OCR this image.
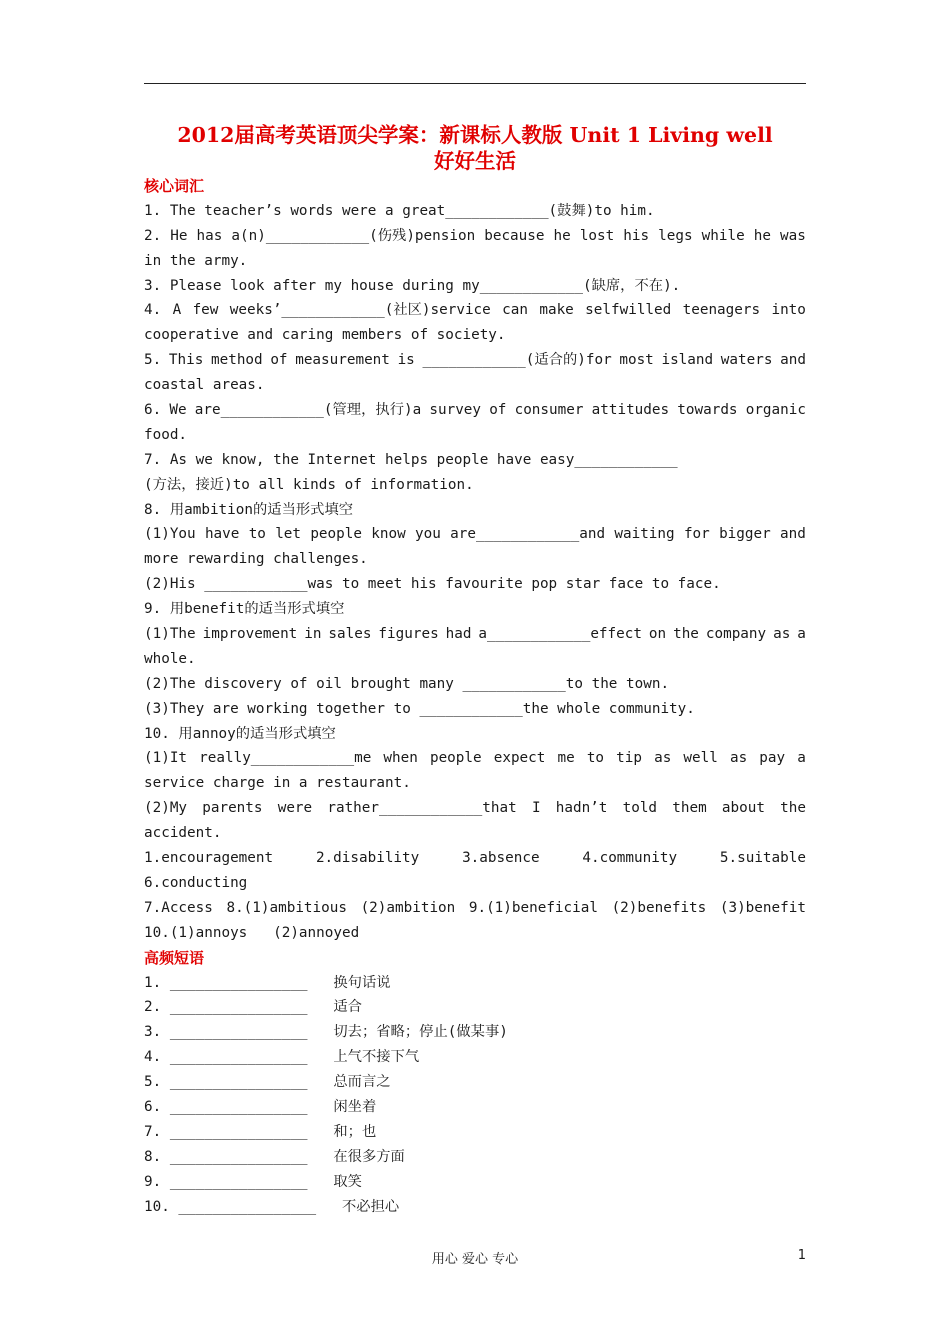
2012届高考英语顶尖学案：新课标人教版 Unit 1 Living well
好好生活
核心词汇
1. The teacher’s words were a great____________(鼓舞)to him.
2. He has a(n)____________(伤残)pension because he lost his legs while he was
in the army.
3. Please look after my house during my____________(缺席，不在).
4. A few weeks’____________(社区)service can make selfwilled teenagers into
cooperative and caring members of society.
5. This method of measurement is ____________(适合的)for most island waters and
coastal areas.
6. We are____________(管理，执行)a survey of consumer attitudes towards organic
food.
7. As we know, the Internet helps people have easy____________
(方法，接近)to all kinds of information.
8. 用ambition的适当形式填空
(1)You have to let people know you are____________and waiting for bigger and
more rewarding challenges.
(2)His ____________was to meet his favourite pop star face to face.
9. 用benefit的适当形式填空
(1)The improvement in sales figures had a____________effect on the company as a
whole.
(2)The discovery of oil brought many ____________to the town.
(3)They are working together to ____________the whole community.
10. 用annoy的适当形式填空
(1)It really____________me when people expect me to tip as well as pay a
service charge in a restaurant.
(2)My parents were rather____________that I hadn’t told them about the
accident.
1.encouragement	2.disability	3.absence	4.community	5.suitable
6.conducting
7.Access 8.(1)ambitious (2)ambition 9.(1)beneficial (2)benefits (3)benefit
10.(1)annoys   (2)annoyed
高频短语
1. ________________   换句话说
2. ________________   适合
3. ________________   切去；省略；停止(做某事)
4. ________________   上气不接下气
5. ________________   总而言之
6. ________________   闲坐着
7. ________________   和；也
8. ________________   在很多方面
9. ________________   取笑
10. ________________   不必担心
用心 爱心 专心	1
